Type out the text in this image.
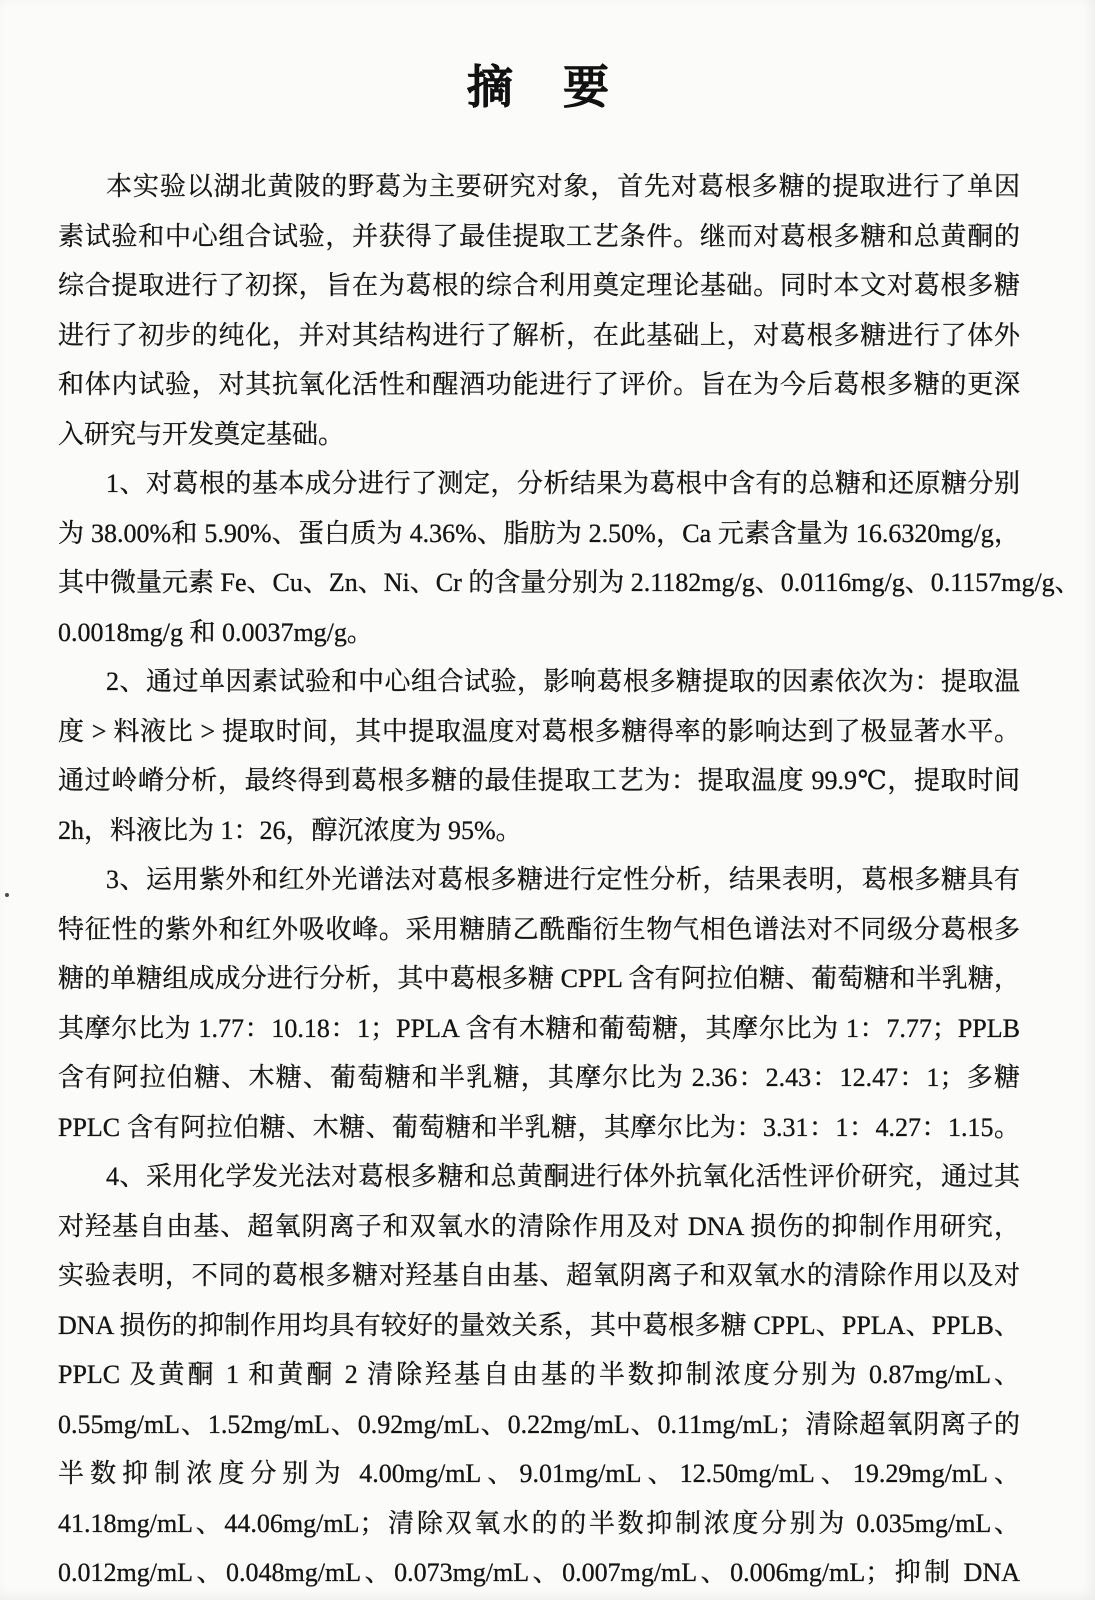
摘　要
本实验以湖北黄陂的野葛为主要研究对象，首先对葛根多糖的提取进行了单因
素试验和中心组合试验，并获得了最佳提取工艺条件。继而对葛根多糖和总黄酮的
综合提取进行了初探，旨在为葛根的综合利用奠定理论基础。同时本文对葛根多糖
进行了初步的纯化，并对其结构进行了解析，在此基础上，对葛根多糖进行了体外
和体内试验，对其抗氧化活性和醒酒功能进行了评价。旨在为今后葛根多糖的更深
入研究与开发奠定基础。
1、对葛根的基本成分进行了测定，分析结果为葛根中含有的总糖和还原糖分别
为 38.00%和 5.90%、蛋白质为 4.36%、脂肪为 2.50%，Ca 元素含量为 16.6320mg/g，
其中微量元素 Fe、Cu、Zn、Ni、Cr 的含量分别为 2.1182mg/g、0.0116mg/g、0.1157mg/g、
0.0018mg/g 和 0.0037mg/g。
2、通过单因素试验和中心组合试验，影响葛根多糖提取的因素依次为：提取温
度 > 料液比 > 提取时间，其中提取温度对葛根多糖得率的影响达到了极显著水平。
通过岭嵴分析，最终得到葛根多糖的最佳提取工艺为：提取温度 99.9℃，提取时间
2h，料液比为 1：26，醇沉浓度为 95%。
3、运用紫外和红外光谱法对葛根多糖进行定性分析，结果表明，葛根多糖具有
特征性的紫外和红外吸收峰。采用糖腈乙酰酯衍生物气相色谱法对不同级分葛根多
糖的单糖组成成分进行分析，其中葛根多糖 CPPL 含有阿拉伯糖、葡萄糖和半乳糖，
其摩尔比为 1.77：10.18：1；PPLA 含有木糖和葡萄糖，其摩尔比为 1：7.77；PPLB
含有阿拉伯糖、木糖、葡萄糖和半乳糖，其摩尔比为 2.36：2.43：12.47：1；多糖
PPLC 含有阿拉伯糖、木糖、葡萄糖和半乳糖，其摩尔比为：3.31：1：4.27：1.15。
4、采用化学发光法对葛根多糖和总黄酮进行体外抗氧化活性评价研究，通过其
对羟基自由基、超氧阴离子和双氧水的清除作用及对 DNA 损伤的抑制作用研究，
实验表明，不同的葛根多糖对羟基自由基、超氧阴离子和双氧水的清除作用以及对
DNA 损伤的抑制作用均具有较好的量效关系，其中葛根多糖 CPPL、PPLA、PPLB、
PPLC 及黄酮 1 和黄酮 2 清除羟基自由基的半数抑制浓度分别为 0.87mg/mL、
0.55mg/mL、1.52mg/mL、0.92mg/mL、0.22mg/mL、0.11mg/mL；清除超氧阴离子的
半数抑制浓度分别为 4.00mg/mL、9.01mg/mL、12.50mg/mL、19.29mg/mL、
41.18mg/mL、44.06mg/mL；清除双氧水的的半数抑制浓度分别为 0.035mg/mL、
0.012mg/mL、0.048mg/mL、0.073mg/mL、0.007mg/mL、0.006mg/mL；抑制 DNA
